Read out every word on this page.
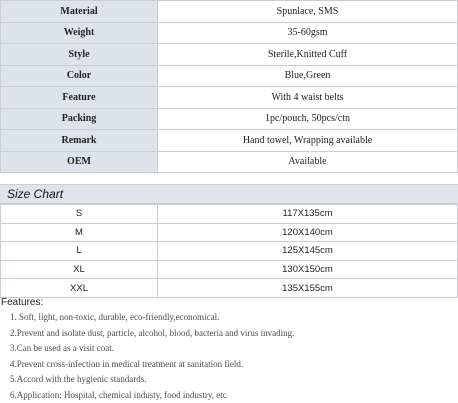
Material	Spunlace, SMS
Weight	35-60gsm
Style	Sterile,Knitted Cuff
Color	Blue,Green
Feature	With 4 waist belts
Packing	1pc/pouch, 50pcs/ctn
Remark	Hand towel, Wrapping available
OEM	Available
Size Chart
S	117X135cm
M	120X140cm
L	125X145cm
XL	130X150cm
XXL	135X155cm
Features:
1. Soft, light, non-toxic, durable, eco-friendly,economical.
2.Prevent and isolate dust, particle, alcohol, blood, bacteria and virus invading.
3.Can be used as a visit coat.
4.Prevent cross-infection in medical treatment at sanitation field.
5.Accord with the hygienic standards.
6.Application: Hospital, chemical industy, food industry, etc
